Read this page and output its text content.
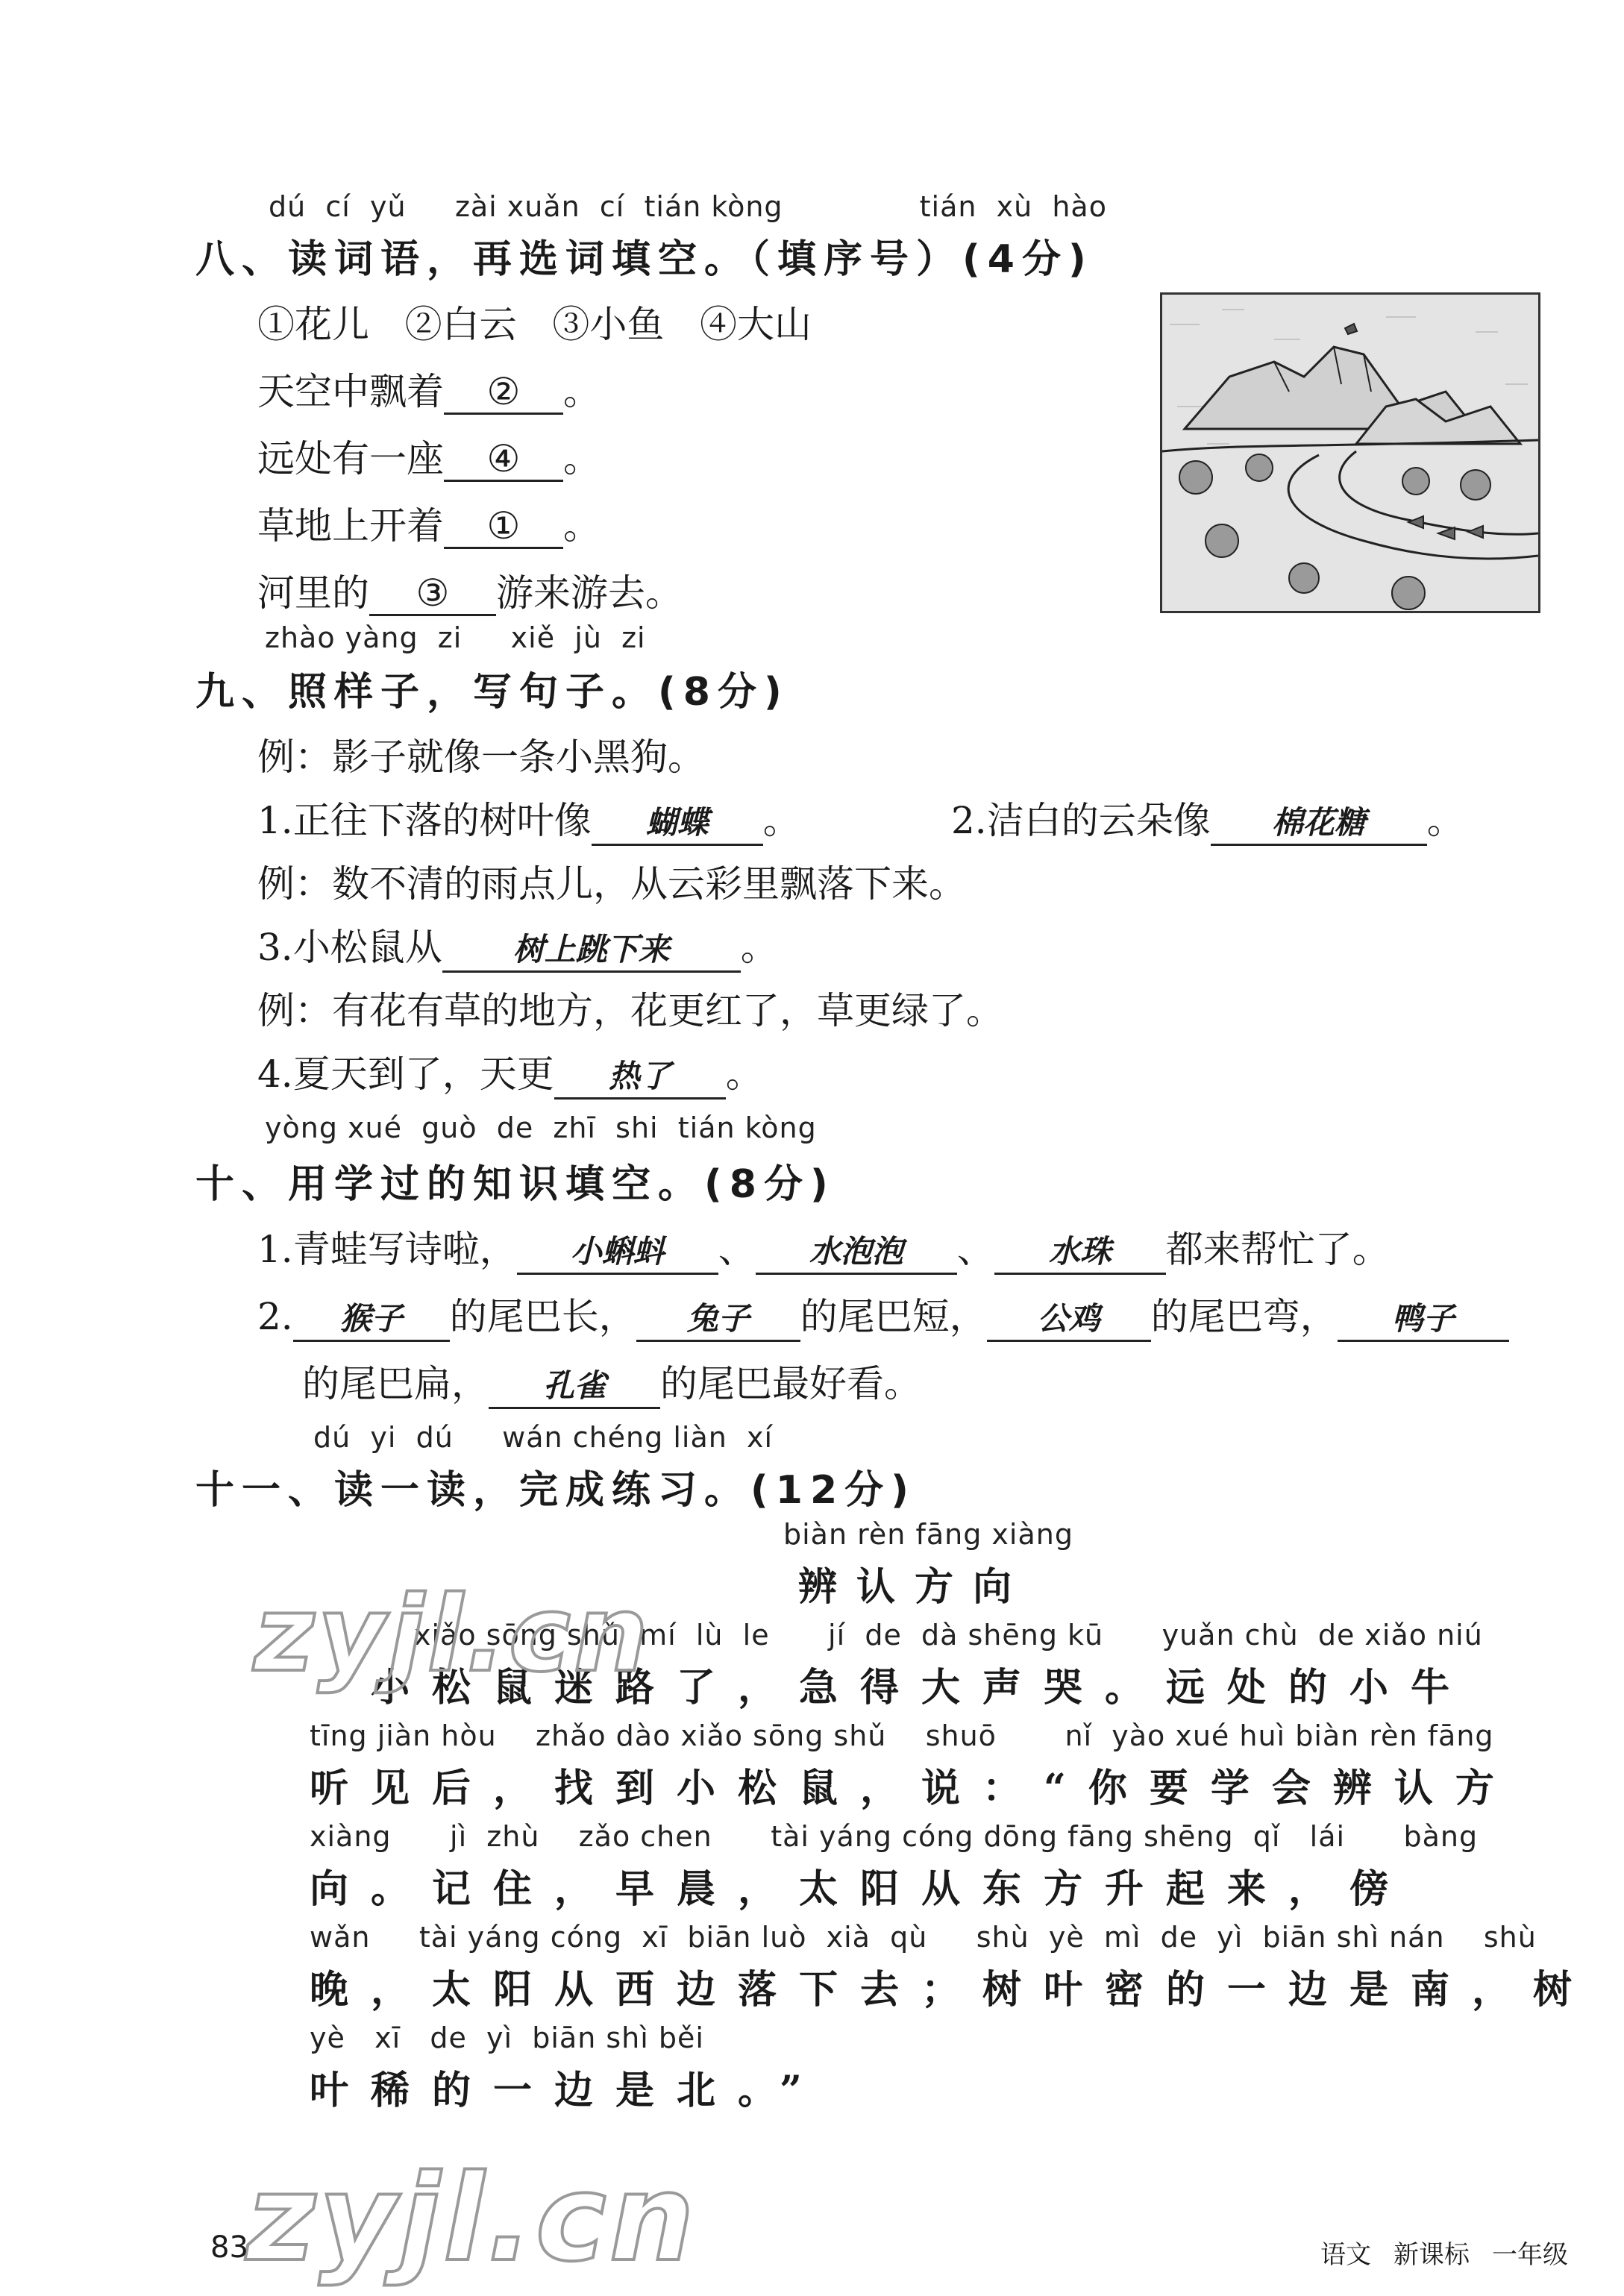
dú  cí  yǔ     zài xuǎn  cí  tián kòng              tián  xù  hào
八、读词语，再选词填空。（填序号）(4分)
①花儿   ②白云   ③小鱼   ④大山
天空中飘着 ② 。
远处有一座 ④ 。
草地上开着 ① 。
河里的 ③ 游来游去。
zhào yàng  zi     xiě  jù  zi
九、照样子，写句子。(8分)
例：影子就像一条小黑狗。
1.正往下落的树叶像 蝴蝶 。	2.洁白的云朵像 棉花糖 。
例：数不清的雨点儿，从云彩里飘落下来。
3.小松鼠从 树上跳下来 。
例：有花有草的地方，花更红了，草更绿了。
4.夏天到了，天更 热了 。
yòng xué  guò  de  zhī  shi  tián kòng
十、用学过的知识填空。(8分)
1.青蛙写诗啦， 小蝌蚪 、 水泡泡 、 水珠 都来帮忙了。
2. 猴子 的尾巴长， 兔子 的尾巴短， 公鸡 的尾巴弯， 鸭子
的尾巴扁， 孔雀 的尾巴最好看。
dú  yi  dú     wán chéng liàn  xí
十一、读一读，完成练习。(12分)
biàn rèn fāng xiàng
辨认方向
xiǎo sōng shǔ  mí  lù  le      jí  de  dà shēng kū      yuǎn chù  de xiǎo niú
　小松鼠迷路了，急得大声哭。远处的小牛
tīng jiàn hòu    zhǎo dào xiǎo sōng shǔ    shuō       nǐ  yào xué huì biàn rèn fāng
听见后，找到小松鼠，说：“你要学会辨认方
xiàng      jì  zhù    zǎo chen      tài yáng cóng dōng fāng shēng  qǐ   lái      bàng
向。记住，早晨，太阳从东方升起来，傍
wǎn     tài yáng cóng  xī  biān luò  xià  qù     shù  yè  mì  de  yì  biān shì nán    shù
晚，太阳从西边落下去；树叶密的一边是南，树
yè   xī   de  yì  biān shì běi
叶稀的一边是北。”
zyjl.cn
zyjl.cn
83	语文 新课标 一年级
